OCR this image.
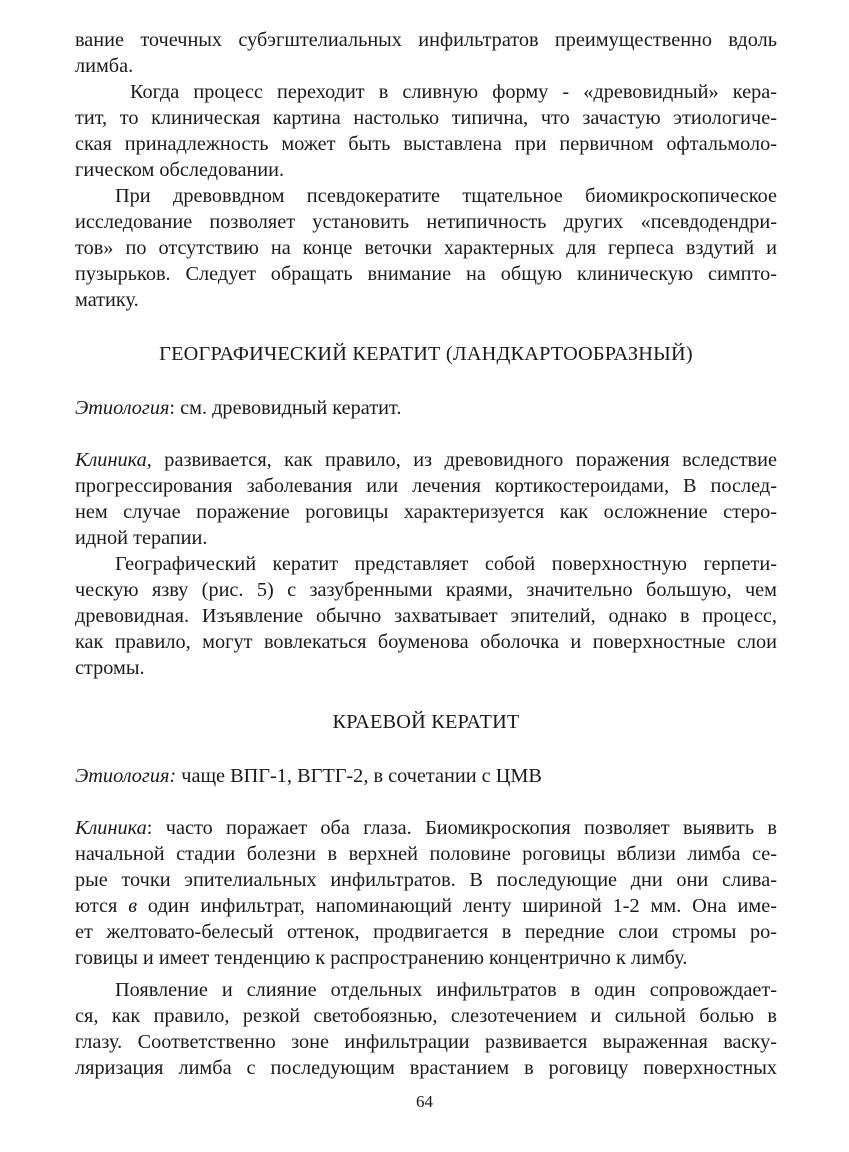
вание точечных субэгштелиальных инфильтратов преимущественно вдоль
лимба.
Когда процесс переходит в сливную форму - «древовидный» кера-
тит, то клиническая картина настолько типична, что зачастую этиологиче-
ская принадлежность может быть выставлена при первичном офтальмоло-
гическом обследовании.
При древоввдном псевдокератите тщательное биомикроскопическое
исследование позволяет установить нетипичность других «псевдодендри-
тов» по отсутствию на конце веточки характерных для герпеса вздутий и
пузырьков. Следует обращать внимание на общую клиническую симпто-
матику.
ГЕОГРАФИЧЕСКИЙ КЕРАТИТ (ЛАНДКАРТООБРАЗНЫЙ)
Этиология: см. древовидный кератит.
Клиника, развивается, как правило, из древовидного поражения вследствие
прогрессирования заболевания или лечения кортикостероидами, В послед-
нем случае поражение роговицы характеризуется как осложнение стеро-
идной терапии.
Географический кератит представляет собой поверхностную герпети-
ческую язву (рис. 5) с зазубренными краями, значительно большую, чем
древовидная. Изъявление обычно захватывает эпителий, однако в процесс,
как правило, могут вовлекаться боуменова оболочка и поверхностные слои
стромы.
КРАЕВОЙ КЕРАТИТ
Этиология: чаще ВПГ-1, ВГТГ-2, в сочетании с ЦМВ
Клиника: часто поражает оба глаза. Биомикроскопия позволяет выявить в
начальной стадии болезни в верхней половине роговицы вблизи лимба се-
рые точки эпителиальных инфильтратов. В последующие дни они слива-
ются в один инфильтрат, напоминающий ленту шириной 1-2 мм. Она име-
ет желтовато-белесый оттенок, продвигается в передние слои стромы ро-
говицы и имеет тенденцию к распространению концентрично к лимбу.
Появление и слияние отдельных инфильтратов в один сопровождает-
ся, как правило, резкой светобоязнью, слезотечением и сильной болью в
глазу. Соответственно зоне инфильтрации развивается выраженная васку-
ляризация лимба с последующим врастанием в роговицу поверхностных
64
